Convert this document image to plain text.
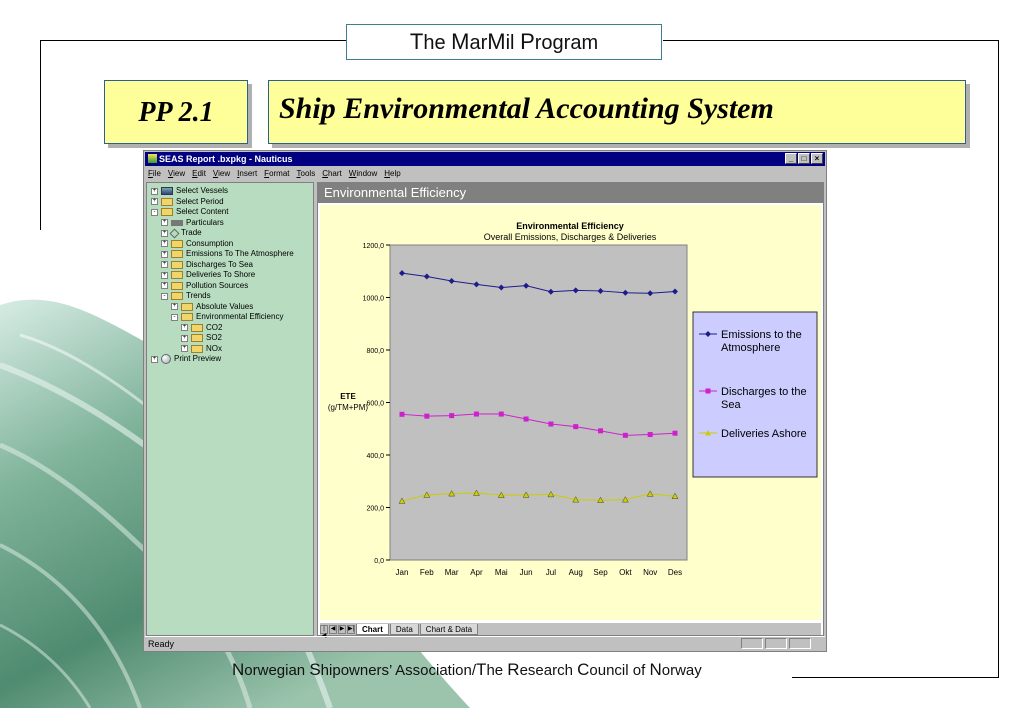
The MarMil Program
PP 2.1	Ship Environmental Accounting System
SEAS Report .bxpkg - Nauticus	_	□	×
File View Edit View Insert Format Tools Chart Window Help
+ Select Vessels
+ Select Period
-	Select Content
+ Particulars
+ Trade
+ Consumption
+ Emissions To The Atmosphere
+ Discharges To Sea
+ Deliveries To Shore
+ Pollution Sources
-	Trends
+ Absolute Values
-	Environmental Efficiency
+ CO2
+ SO2
+ NOx
+ Print Preview
Environmental Efficiency
Environmental Efficiency
Overall Emissions, Discharges & Deliveries
0,0
200,0
400,0
600,0
800,0
1000,0
1200,0
ETE
(g/TM+PM)
Jan Feb Mar Apr Mai Jun Jul Aug Sep Okt Nov Des
Emissions to the
Atmosphere
Discharges to the
Sea
Deliveries Ashore
|◀
◀ ▶ ▶| Chart	Data	Chart & Data
Ready
Norwegian Shipowners’ Association/The Research Council of Norway
